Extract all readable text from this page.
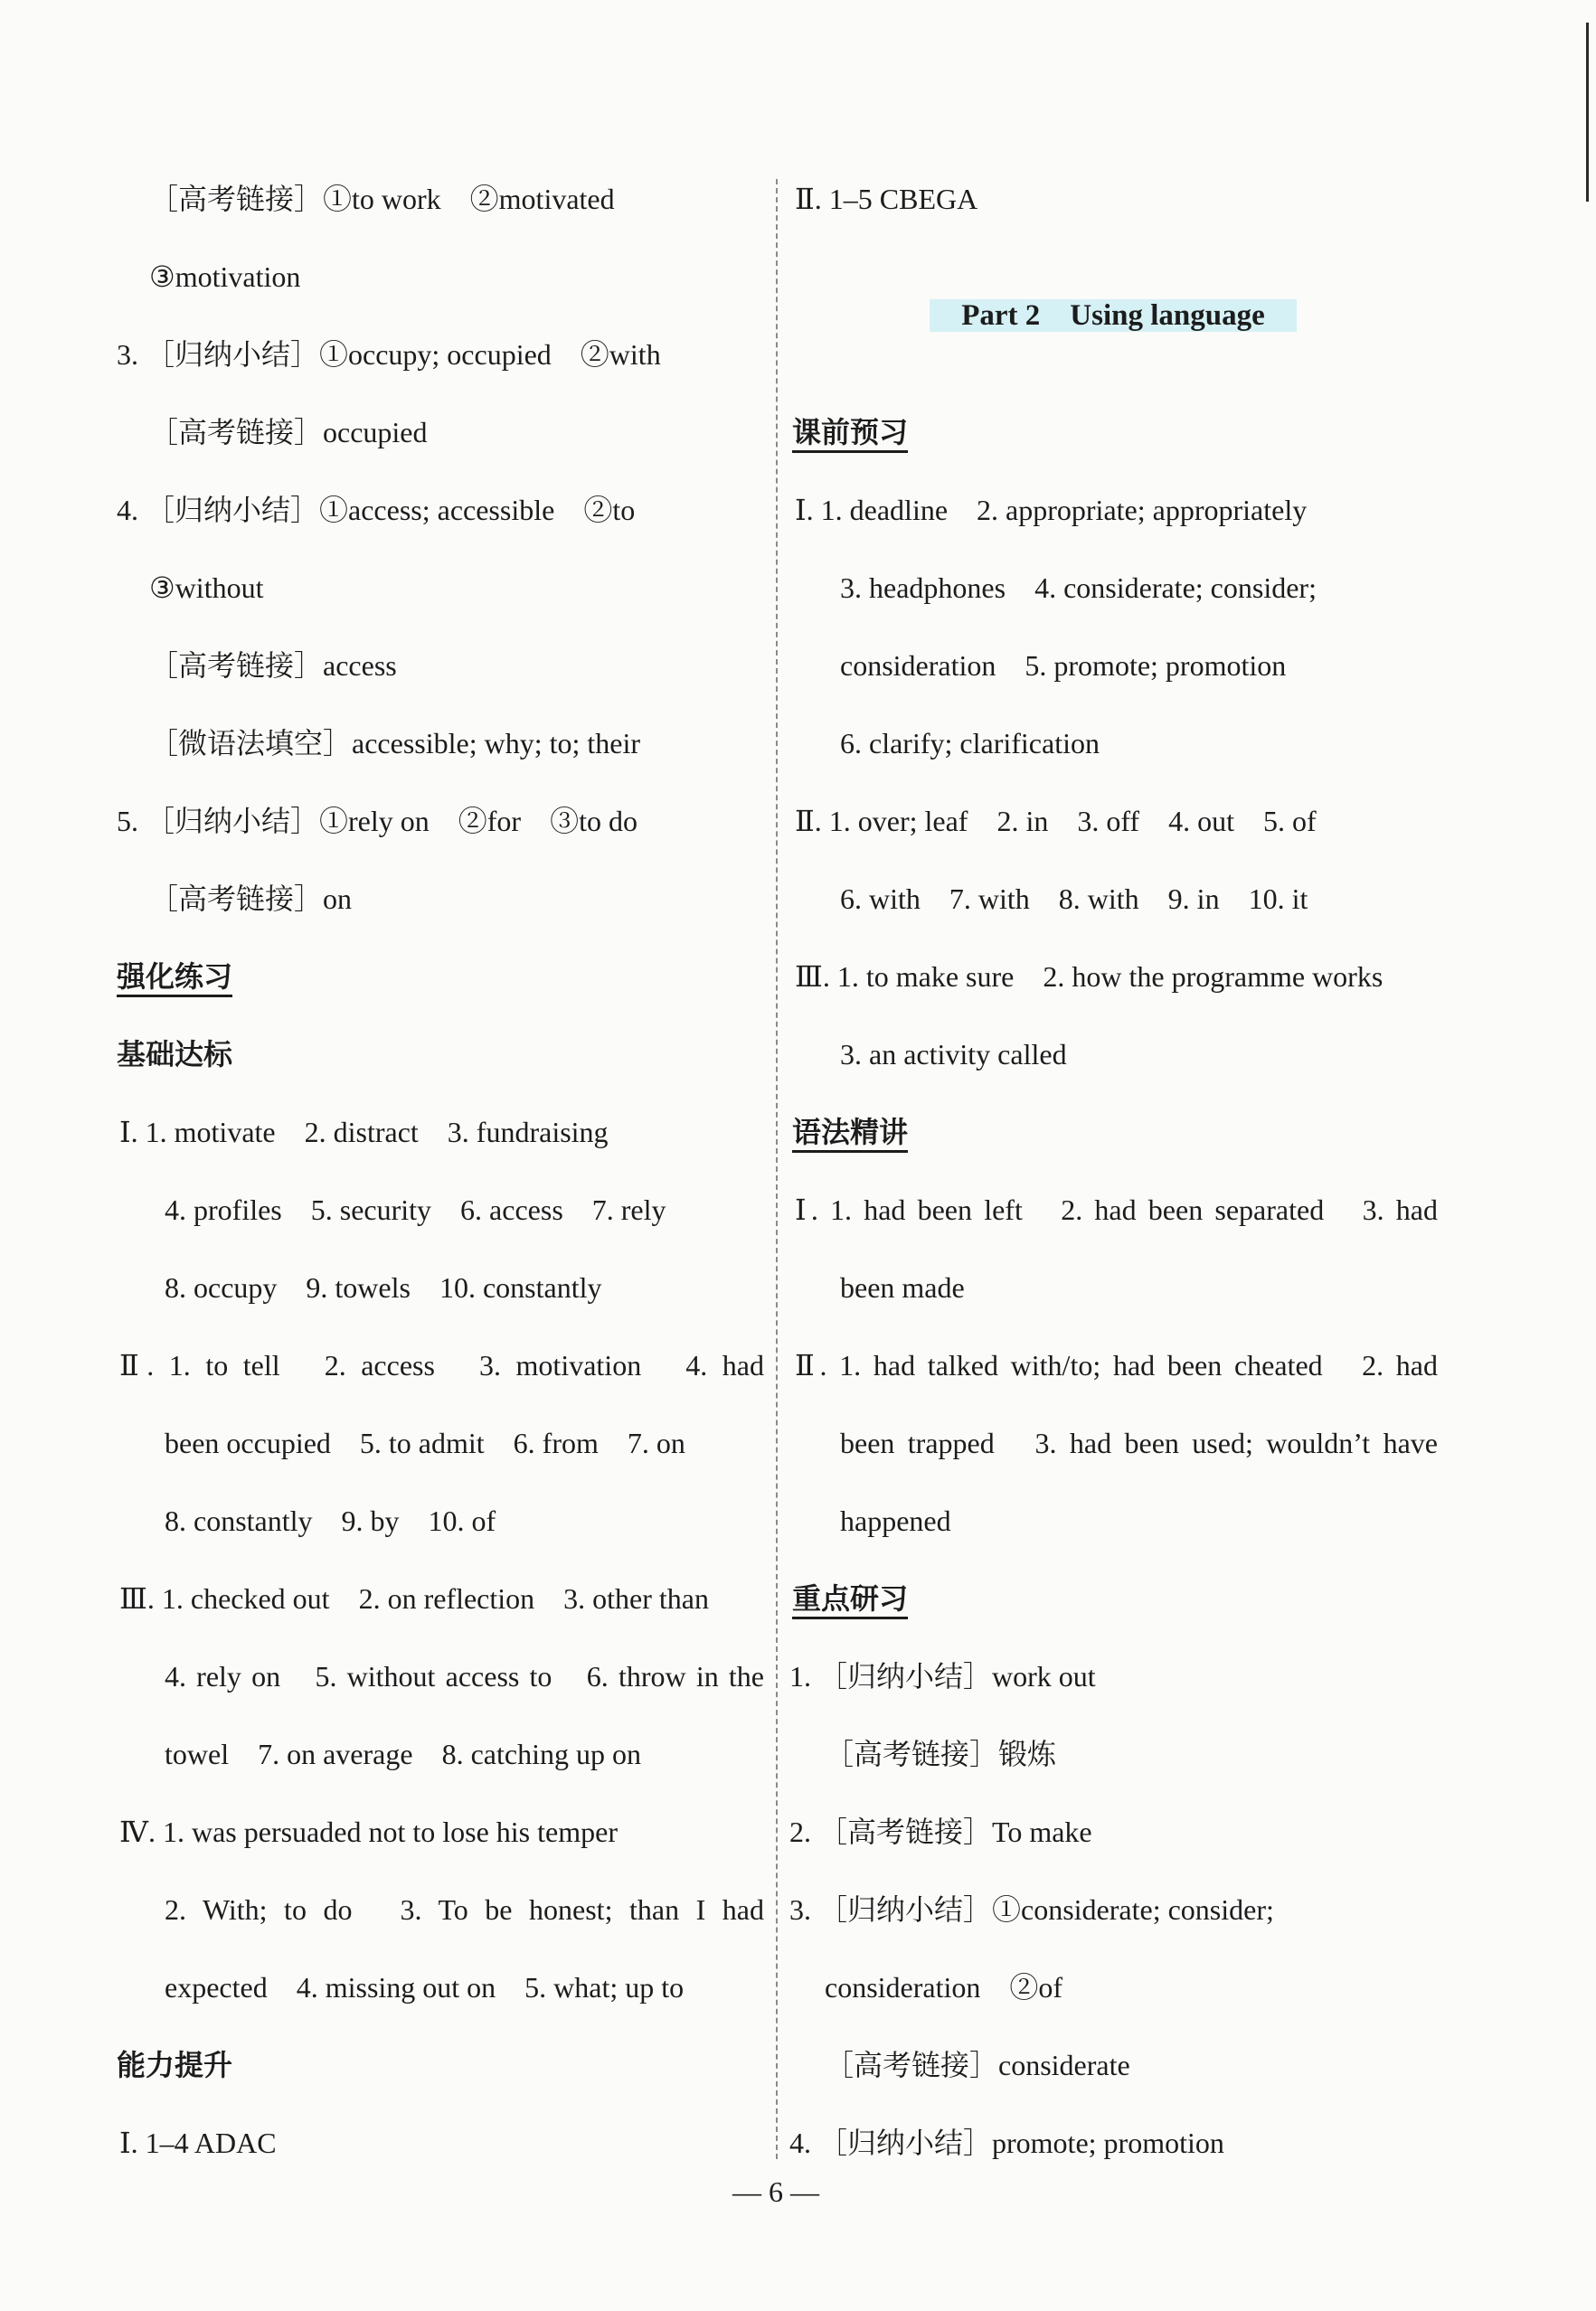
［高考链接］①to work　②motivated
③motivation
3. ［归纳小结］①occupy; occupied　②with
［高考链接］occupied
4. ［归纳小结］①access; accessible　②to
③without
［高考链接］access
［微语法填空］accessible; why; to; their
5. ［归纳小结］①rely on　②for　③to do
［高考链接］on
强化练习
基础达标
Ⅰ. 1. motivate　2. distract　3. fundraising
4. profiles　5. security　6. access　7. rely
8. occupy　9. towels　10. constantly
Ⅱ. 1. to tell　2. access　3. motivation　4. had
been occupied　5. to admit　6. from　7. on
8. constantly　9. by　10. of
Ⅲ. 1. checked out　2. on reflection　3. other than
4. rely on　5. without access to　6. throw in the
towel　7. on average　8. catching up on
Ⅳ. 1. was persuaded not to lose his temper
2. With; to do　3. To be honest; than I had
expected　4. missing out on　5. what; up to
能力提升
Ⅰ. 1–4 ADAC
Ⅱ. 1–5 CBEGA
Part 2　Using language
课前预习
Ⅰ. 1. deadline　2. appropriate; appropriately
3. headphones　4. considerate; consider;
consideration　5. promote; promotion
6. clarify; clarification
Ⅱ. 1. over; leaf　2. in　3. off　4. out　5. of
6. with　7. with　8. with　9. in　10. it
Ⅲ. 1. to make sure　2. how the programme works
3. an activity called
语法精讲
Ⅰ. 1. had been left　2. had been separated　3. had
been made
Ⅱ. 1. had talked with/to; had been cheated　2. had
been trapped　3. had been used; wouldn’t have
happened
重点研习
1. ［归纳小结］work out
［高考链接］锻炼
2. ［高考链接］To make
3. ［归纳小结］①considerate; consider;
consideration　②of
［高考链接］considerate
4. ［归纳小结］promote; promotion
— 6 —
